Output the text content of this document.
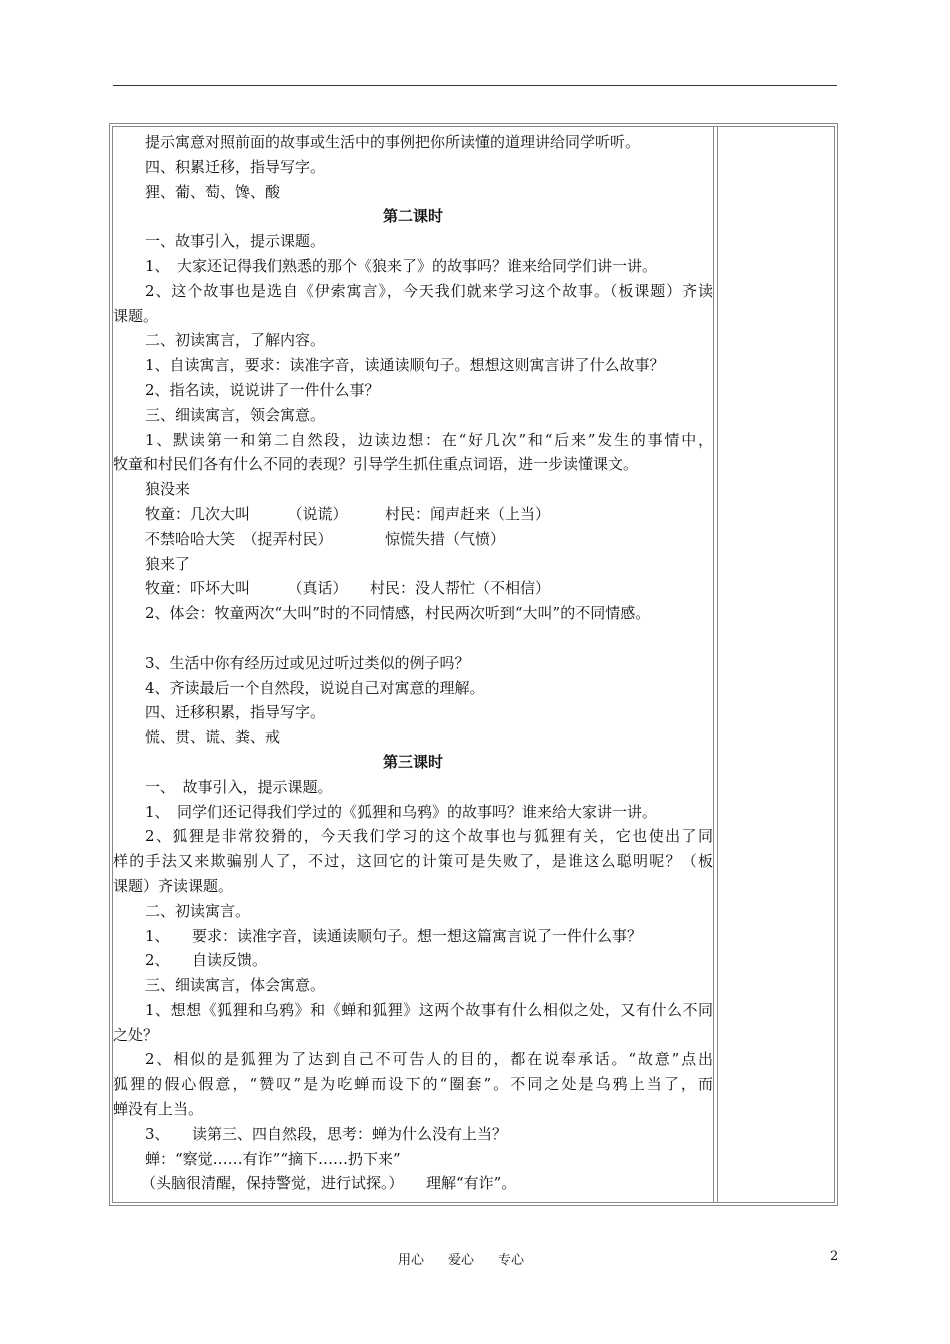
提示寓意对照前面的故事或生活中的事例把你所读懂的道理讲给同学听听。
四、积累迁移，指导写字。
狸、葡、萄、馋、酸
第二课时
一、故事引入，提示课题。
1、　大家还记得我们熟悉的那个《狼来了》的故事吗？谁来给同学们讲一讲。
2、这个故事也是选自《伊索寓言》，今天我们就来学习这个故事。（板课题）齐读
课题。
二、初读寓言，了解内容。
1、自读寓言，要求：读准字音，读通读顺句子。想想这则寓言讲了什么故事？
2、指名读，说说讲了一件什么事？
三、细读寓言，领会寓意。
1、默读第一和第二自然段，边读边想：在“好几次”和“后来”发生的事情中，
牧童和村民们各有什么不同的表现？引导学生抓住重点词语，进一步读懂课文。
狼没来
牧童：几次大叫　　　（说谎）　　　村民：闻声赶来（上当）
不禁哈哈大笑　（捉弄村民）　　　　惊慌失措（气愤）
狼来了
牧童：吓坏大叫　　　（真话）　　村民：没人帮忙（不相信）
2、体会：牧童两次“大叫”时的不同情感，村民两次听到“大叫”的不同情感。
3、生活中你有经历过或见过听过类似的例子吗？
4、齐读最后一个自然段，说说自己对寓意的理解。
四、迁移积累，指导写字。
慌、贯、谎、粪、戒
第三课时
一、　故事引入，提示课题。
1、　同学们还记得我们学过的《狐狸和乌鸦》的故事吗？谁来给大家讲一讲。
2、狐狸是非常狡猾的，今天我们学习的这个故事也与狐狸有关，它也使出了同
样的手法又来欺骗别人了，不过，这回它的计策可是失败了，是谁这么聪明呢？（板
课题）齐读课题。
二、初读寓言。
1、　　要求：读准字音，读通读顺句子。想一想这篇寓言说了一件什么事？
2、　　自读反馈。
三、细读寓言，体会寓意。
1、想想《狐狸和乌鸦》和《蝉和狐狸》这两个故事有什么相似之处，又有什么不同
之处？
2、相似的是狐狸为了达到自己不可告人的目的，都在说奉承话。“故意”点出
狐狸的假心假意，“赞叹”是为吃蝉而设下的“圈套”。不同之处是乌鸦上当了，而
蝉没有上当。
3、　　读第三、四自然段，思考：蝉为什么没有上当？
蝉：“察觉……有诈”“摘下……扔下来”
（头脑很清醒，保持警觉，进行试探。）　　理解“有诈”。
用心 爱心 专心	2
